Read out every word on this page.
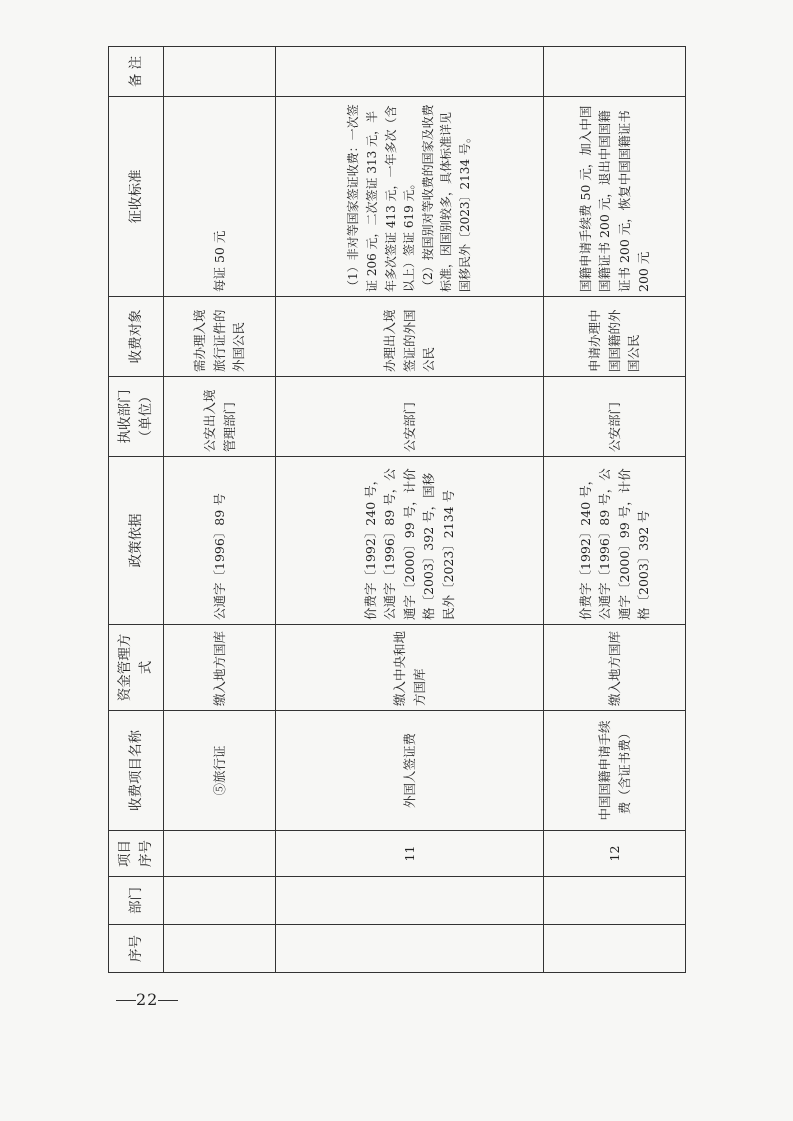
序号	部门	项目序号	收费项目名称	资金管理方式	政策依据	执收部门（单位）	收费对象	征收标准	备 注
			⑤旅行证	缴入地方国库	公通字〔1996〕89 号	公安出入境管理部门	需办理入境旅行证件的外国公民	每证 50 元	
		11	外国人签证费	缴入中央和地方国库	价费字〔1992〕240 号，公通字〔1996〕89 号，公通字〔2000〕99 号，计价格〔2003〕392 号，国移民外〔2023〕2134 号	公安部门	办理出入境签证的外国公民	（1）非对等国家签证收费：一次签证 206 元，二次签证 313 元，半年多次签证 413 元，一年多次（含以上）签证 619 元。 （2）按国别对等收费的国家及收费标准，因国别较多，具体标准详见国移民外〔2023〕2134 号。	

		12	中国国籍申请手续费（含证书费）	缴入地方国库	价费字〔1992〕240 号，公通字〔1996〕89 号，公通字〔2000〕99 号，计价格〔2003〕392 号	公安部门	申请办理中国国籍的外国公民	国籍申请手续费 50 元，加入中国国籍证书 200 元，退出中国国籍证书 200 元，恢复中国国籍证书 200 元	
22
